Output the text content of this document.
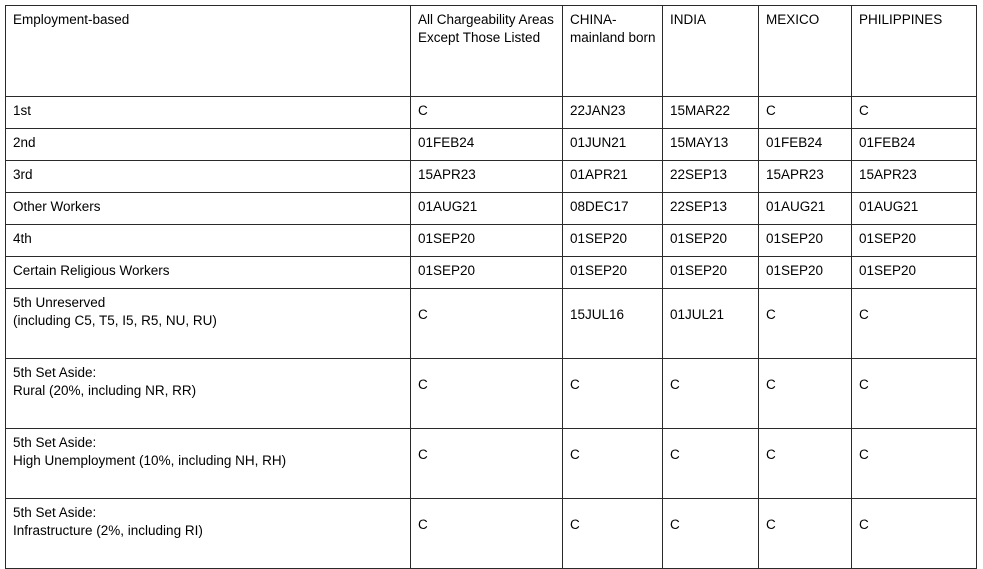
Employment-based	All Chargeability Areas Except Those Listed	CHINA-mainland born	INDIA	MEXICO	PHILIPPINES

1st	C	22JAN23	15MAR22	C	C

2nd	01FEB24	01JUN21	15MAY13	01FEB24	01FEB24

3rd	15APR23	01APR21	22SEP13	15APR23	15APR23

Other Workers	01AUG21	08DEC17	22SEP13	01AUG21	01AUG21

4th	01SEP20	01SEP20	01SEP20	01SEP20	01SEP20

Certain Religious Workers	01SEP20	01SEP20	01SEP20	01SEP20	01SEP20

5th Unreserved
(including C5, T5, I5, R5, NU, RU)	C	15JUL16	01JUL21	C	C

5th Set Aside:
Rural (20%, including NR, RR)	C	C	C	C	C

5th Set Aside:
High Unemployment (10%, including NH, RH)	C	C	C	C	C

5th Set Aside:
Infrastructure (2%, including RI)	C	C	C	C	C
